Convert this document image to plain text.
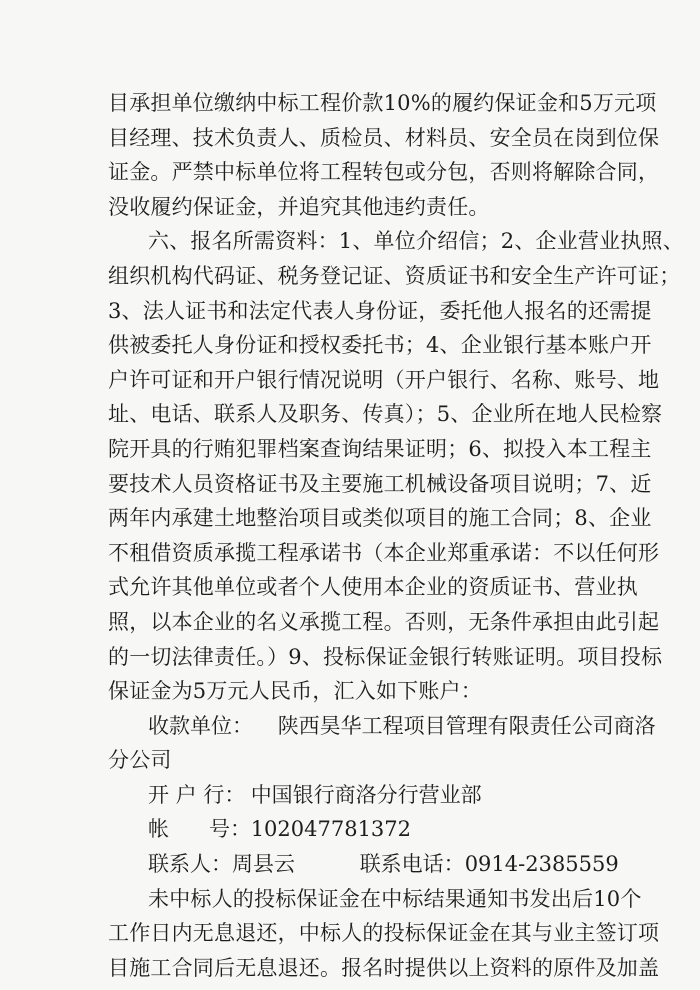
目承担单位缴纳中标工程价款10%的履约保证金和5万元项
目经理、技术负责人、质检员、材料员、安全员在岗到位保
证金。严禁中标单位将工程转包或分包，否则将解除合同，
没收履约保证金，并追究其他违约责任。
六、报名所需资料：1、单位介绍信；2、企业营业执照、
组织机构代码证、税务登记证、资质证书和安全生产许可证；
3、法人证书和法定代表人身份证，委托他人报名的还需提
供被委托人身份证和授权委托书；4、企业银行基本账户开
户许可证和开户银行情况说明（开户银行、名称、账号、地
址、电话、联系人及职务、传真）；5、企业所在地人民检察
院开具的行贿犯罪档案查询结果证明；6、拟投入本工程主
要技术人员资格证书及主要施工机械设备项目说明；7、近
两年内承建土地整治项目或类似项目的施工合同；8、企业
不租借资质承揽工程承诺书（本企业郑重承诺：不以任何形
式允许其他单位或者个人使用本企业的资质证书、营业执
照，以本企业的名义承揽工程。否则，无条件承担由此引起
的一切法律责任。）9、投标保证金银行转账证明。项目投标
保证金为5万元人民币，汇入如下账户：
收款单位： 陕西昊华工程项目管理有限责任公司商洛
分公司
开 户 行： 中国银行商洛分行营业部
帐      号： 102047781372
联系人：周县云	联系电话：0914-2385559
未中标人的投标保证金在中标结果通知书发出后10个
工作日内无息退还，中标人的投标保证金在其与业主签订项
目施工合同后无息退还。报名时提供以上资料的原件及加盖
